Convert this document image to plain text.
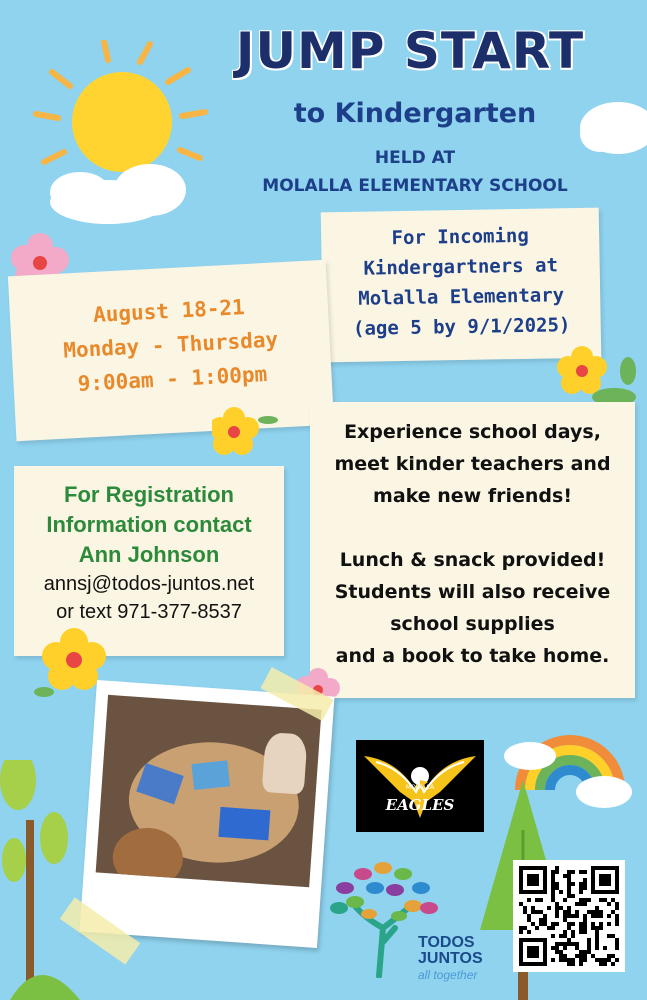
JUMP START
to Kindergarten
HELD AT
MOLALLA ELEMENTARY SCHOOL
For Incoming
Kindergartners at
Molalla Elementary
(age 5 by 9/1/2025)
August 18-21
Monday - Thursday
9:00am - 1:00pm
Experience school days,
meet kinder teachers and
make new friends!
Lunch & snack provided!
Students will also receive
school supplies
and a book to take home.
For Registration
Information contact
Ann Johnson
annsj@todos-juntos.net
or text 971-377-8537
MOLALLA
EAGLES
TODOS
JUNTOS
all together
